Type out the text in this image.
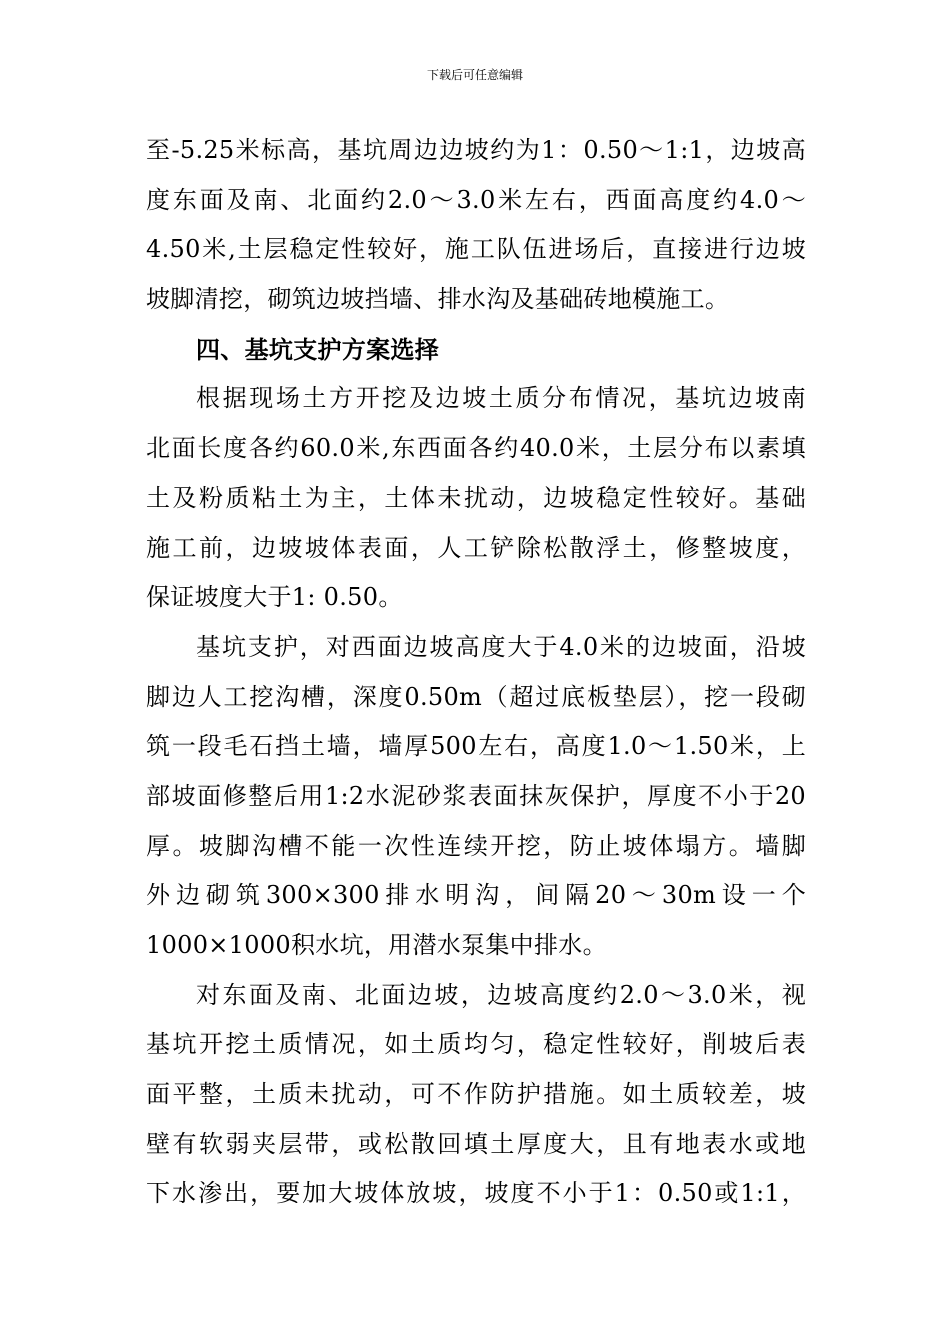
下载后可任意编辑
至-5.25米标高，基坑周边边坡约为1：0.50～1:1，边坡高
度东面及南、北面约2.0～3.0米左右，西面高度约4.0～
4.50米,土层稳定性较好，施工队伍进场后，直接进行边坡
坡脚清挖，砌筑边坡挡墙、排水沟及基础砖地模施工。
四、基坑支护方案选择
根据现场土方开挖及边坡土质分布情况，基坑边坡南
北面长度各约60.0米,东西面各约40.0米，土层分布以素填
土及粉质粘土为主，土体未扰动，边坡稳定性较好。基础
施工前，边坡坡体表面，人工铲除松散浮土，修整坡度，
保证坡度大于1: 0.50。
基坑支护，对西面边坡高度大于4.0米的边坡面，沿坡
脚边人工挖沟槽，深度0.50m（超过底板垫层），挖一段砌
筑一段毛石挡土墙，墙厚500左右，高度1.0～1.50米，上
部坡面修整后用1:2水泥砂浆表面抹灰保护，厚度不小于20
厚。坡脚沟槽不能一次性连续开挖，防止坡体塌方。墙脚
外边砌筑300×300排水明沟，间隔20～30m设一个
1000×1000积水坑，用潜水泵集中排水。
对东面及南、北面边坡，边坡高度约2.0～3.0米，视
基坑开挖土质情况，如土质均匀，稳定性较好，削坡后表
面平整，土质未扰动，可不作防护措施。如土质较差，坡
壁有软弱夹层带，或松散回填土厚度大，且有地表水或地
下水渗出，要加大坡体放坡，坡度不小于1：0.50或1:1，
